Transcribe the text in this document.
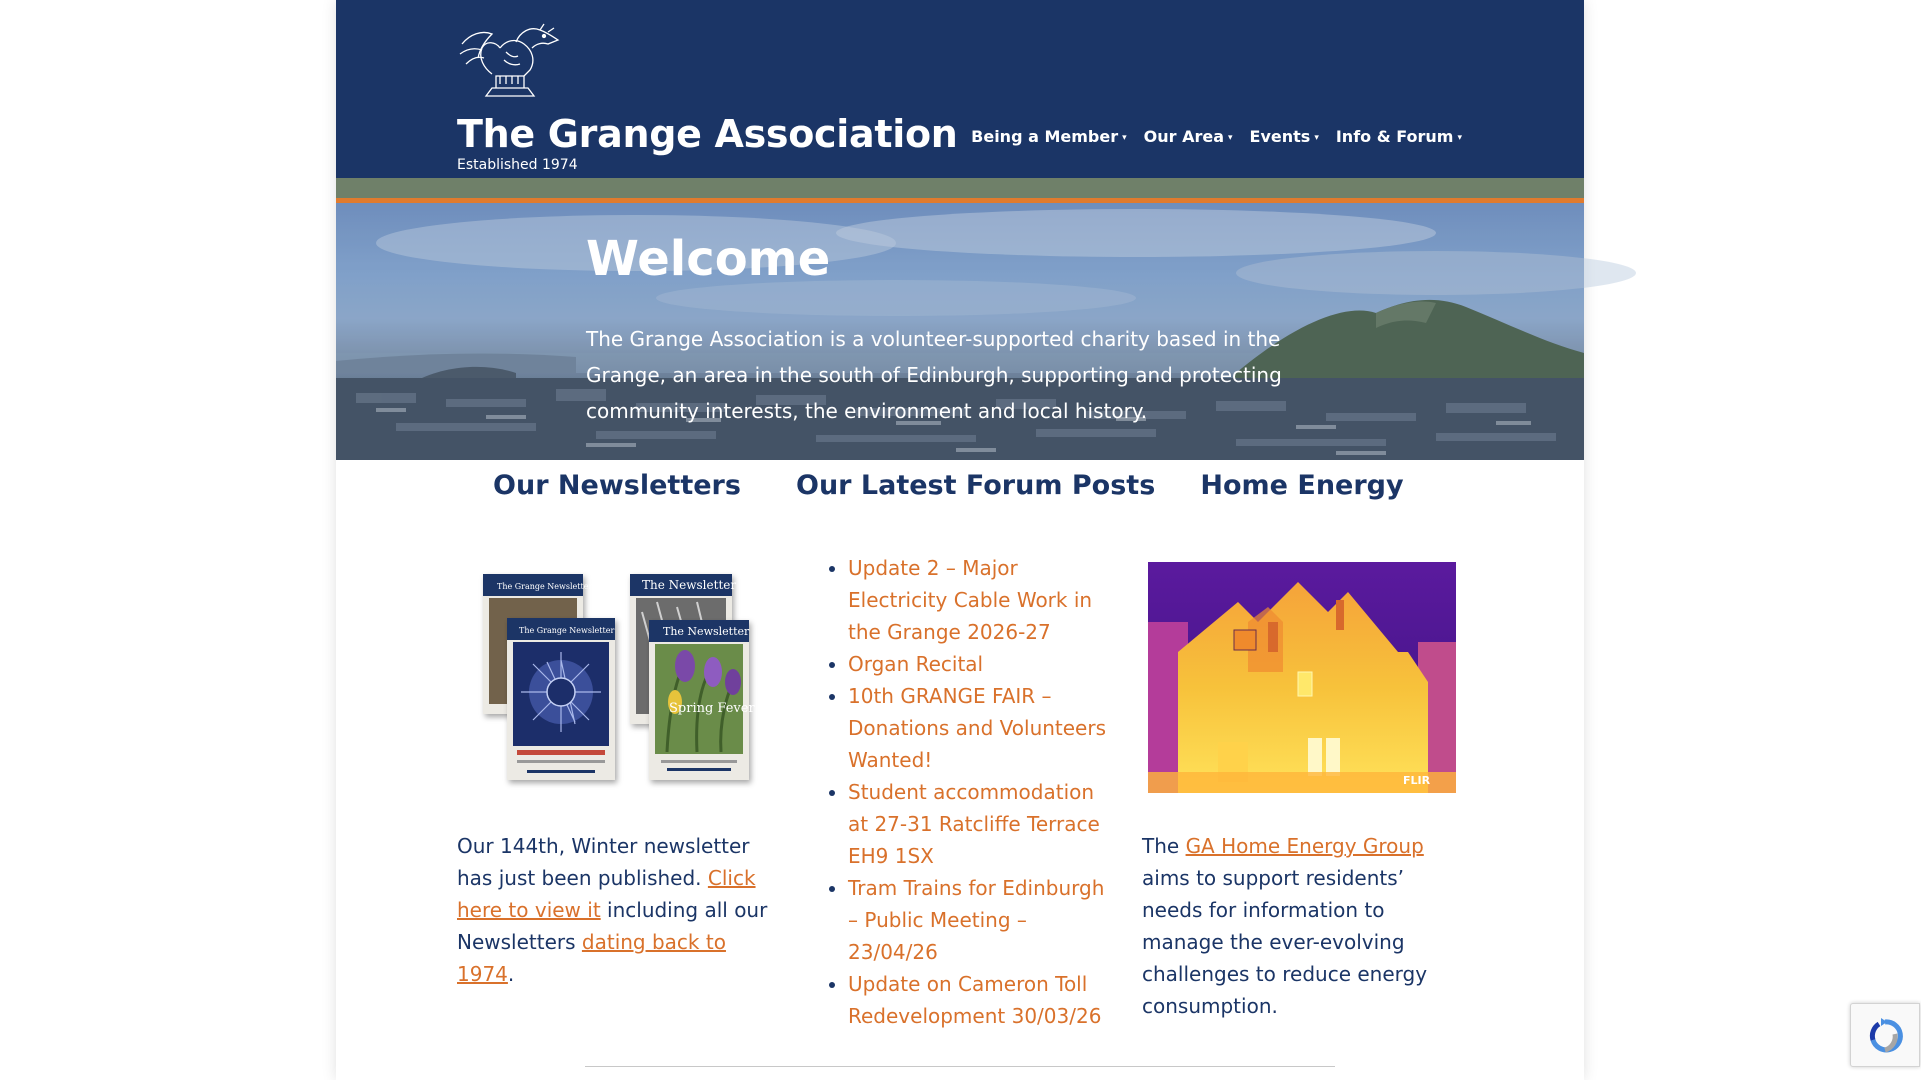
The Grange Association
Established 1974
Being a Member ▾ Our Area ▾ Events ▾ Info & Forum ▾
Welcome
The Grange Association is a volunteer-supported charity based in the Grange, an area in the south of Edinburgh, supporting and protecting community interests, the environment and local history.
Our Newsletters
The Grange Newsletter	The Newsletter
The Grange Newsletter	The Newsletter
Spring Fever at 100!
Our 144th, Winter newsletter has just been published. Click here to view it including all our Newsletters dating back to 1974.
Our Latest Forum Posts
• Update 2 – Major Electricity Cable Work in the Grange 2026-27
• Organ Recital
• 10th GRANGE FAIR – Donations and Volunteers Wanted!
• Student accommodation at 27-31 Ratcliffe Terrace EH9 1SX
• Tram Trains for Edinburgh – Public Meeting – 23/04/26
• Update on Cameron Toll Redevelopment 30/03/26
Home Energy
FLIR
The GA Home Energy Group aims to support residents’ needs for information to manage the ever-evolving challenges to reduce energy consumption.
